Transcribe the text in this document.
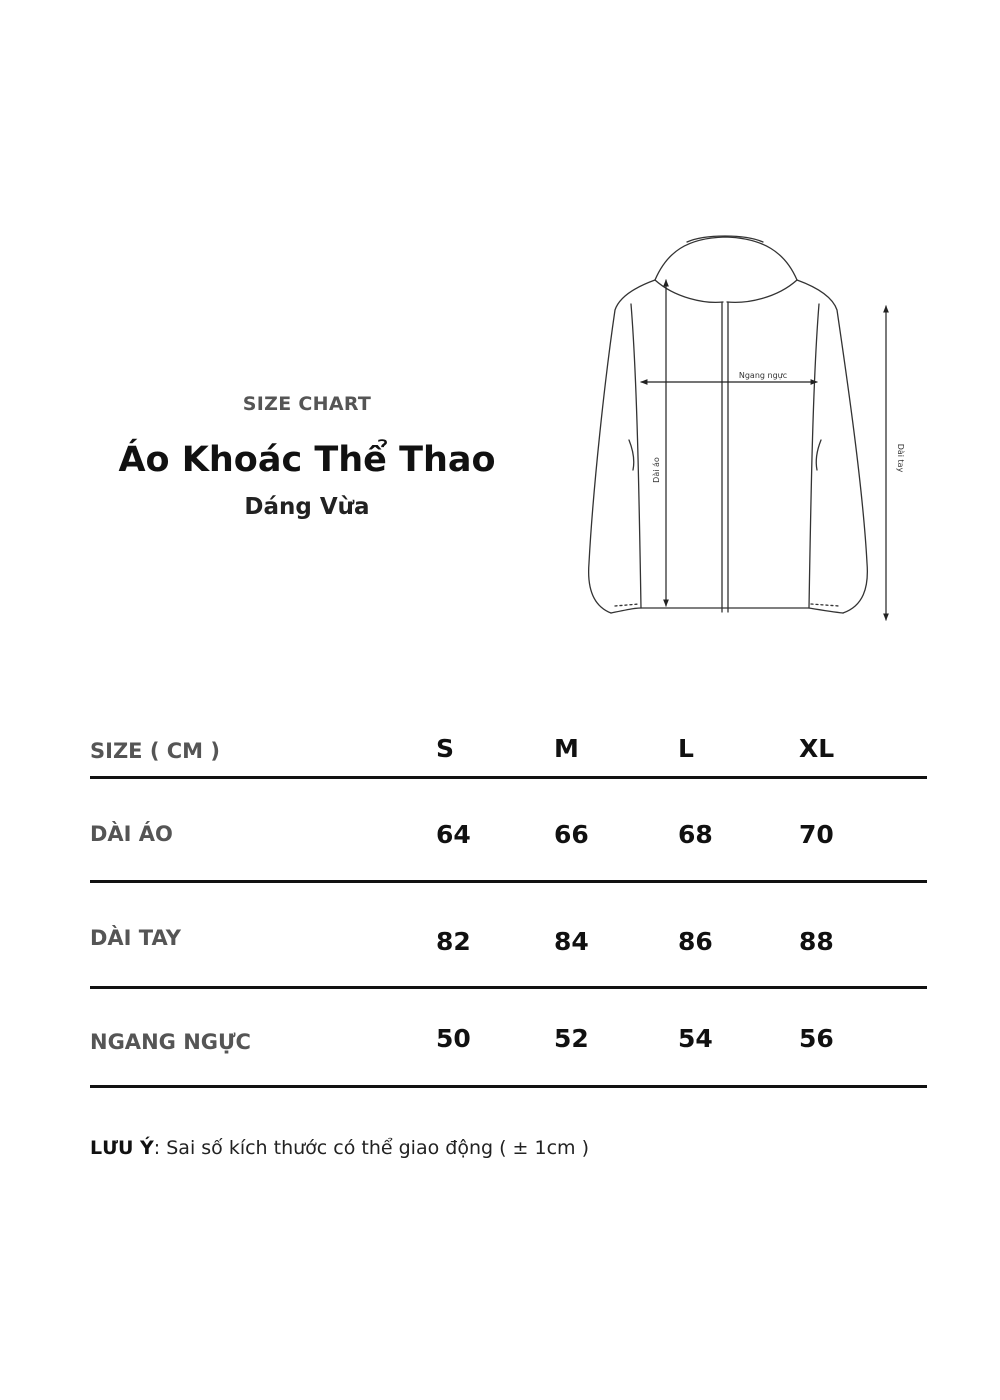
SIZE CHART
Áo Khoác Thể Thao
Dáng Vừa
Ngang ngực
Dài áo	Dài tay
SIZE ( CM )	S	M	L	XL
DÀI ÁO	64	66	68	70
DÀI TAY	82	84	86	88
NGANG NGỰC	50	52	54	56
LƯU Ý: Sai số kích thước có thể giao động ( ± 1cm )
